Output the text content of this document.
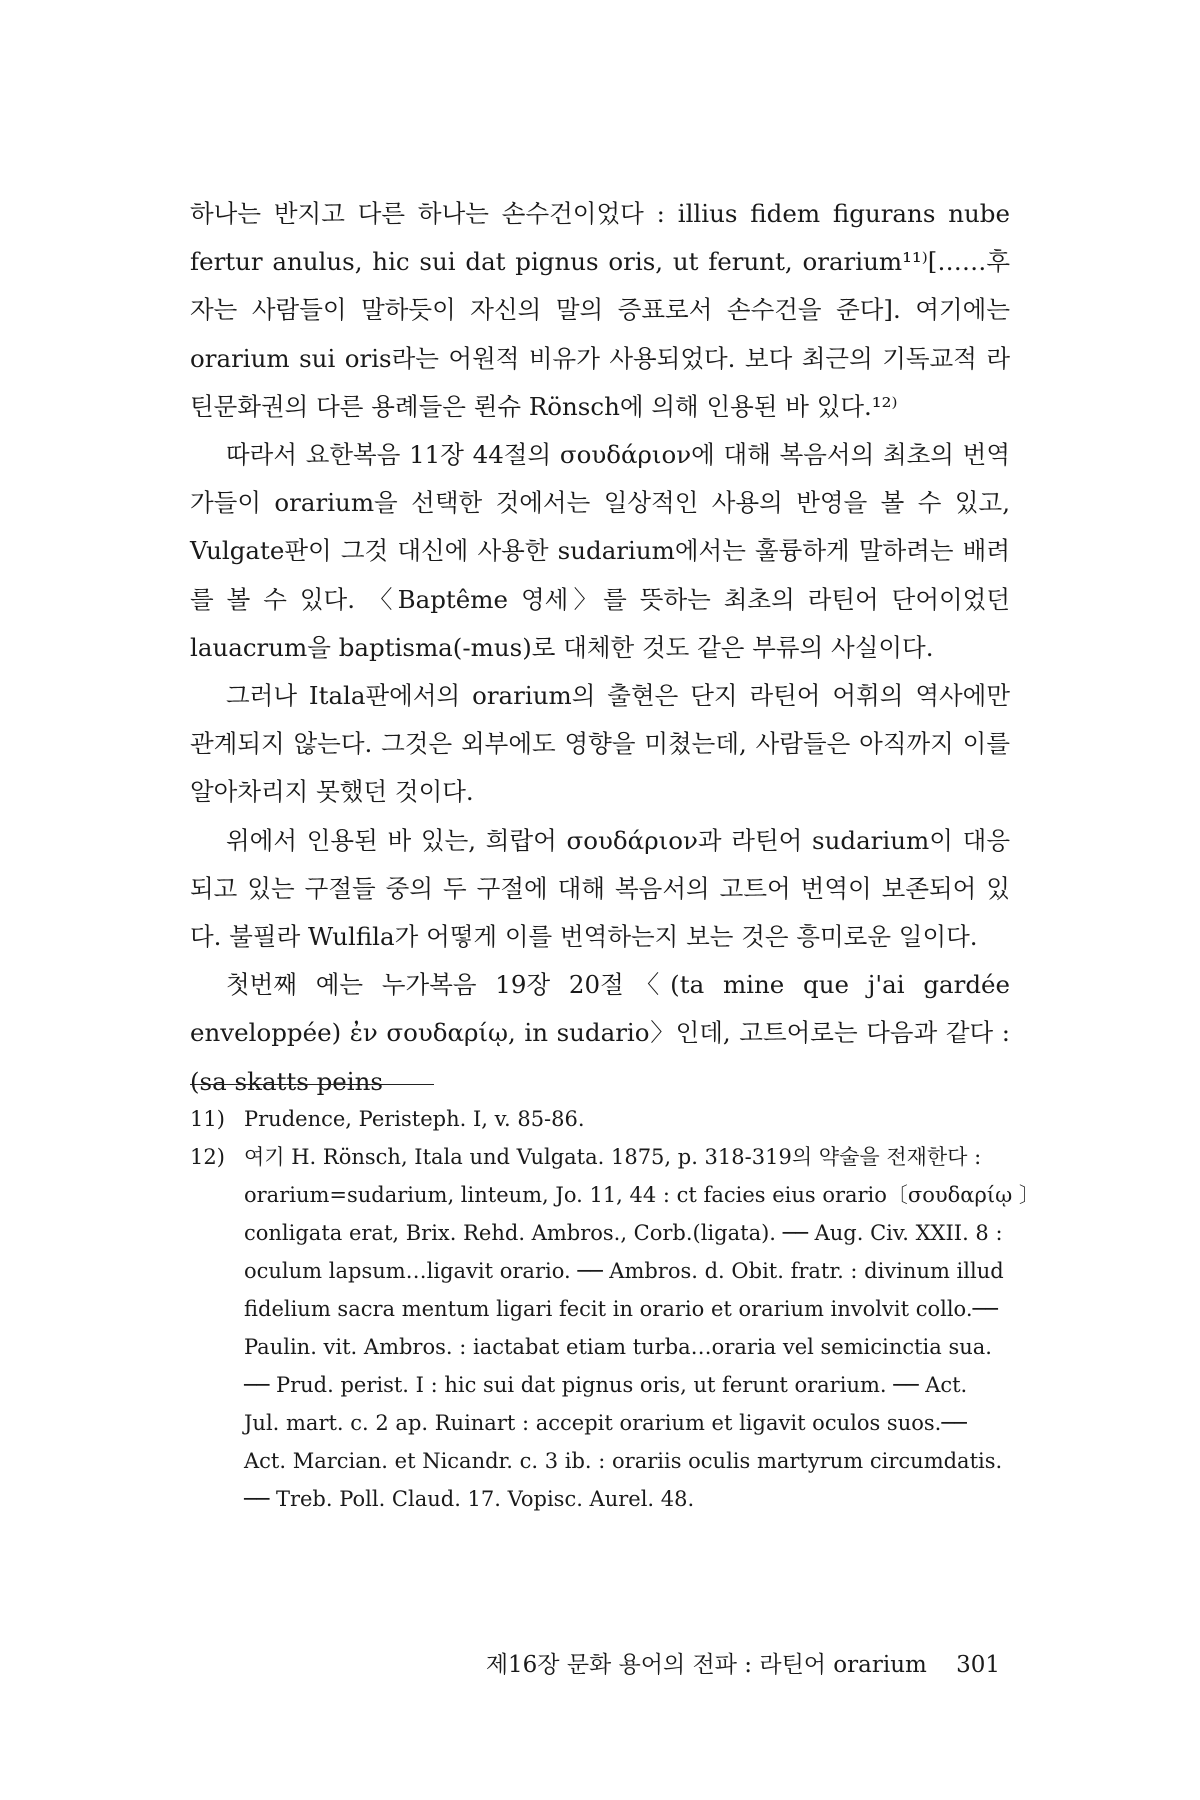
하나는 반지고 다른 하나는 손수건이었다 : illius fidem figurans nube fertur anulus, hic sui dat pignus oris, ut ferunt, orarium¹¹⁾[……후자는 사람들이 말하듯이 자신의 말의 증표로서 손수건을 준다]. 여기에는 orarium sui oris라는 어원적 비유가 사용되었다. 보다 최근의 기독교적 라틴문화권의 다른 용례들은 뢴슈 Rönsch에 의해 인용된 바 있다.¹²⁾

따라서 요한복음 11장 44절의 σουδάριον에 대해 복음서의 최초의 번역가들이 orarium을 선택한 것에서는 일상적인 사용의 반영을 볼 수 있고, Vulgate판이 그것 대신에 사용한 sudarium에서는 훌륭하게 말하려는 배려를 볼 수 있다. 〈Baptême 영세〉를 뜻하는 최초의 라틴어 단어이었던 lauacrum을 baptisma(-mus)로 대체한 것도 같은 부류의 사실이다.

그러나 Itala판에서의 orarium의 출현은 단지 라틴어 어휘의 역사에만 관계되지 않는다. 그것은 외부에도 영향을 미쳤는데, 사람들은 아직까지 이를 알아차리지 못했던 것이다.

위에서 인용된 바 있는, 희랍어 σουδάριον과 라틴어 sudarium이 대응되고 있는 구절들 중의 두 구절에 대해 복음서의 고트어 번역이 보존되어 있다. 불필라 Wulfila가 어떻게 이를 번역하는지 보는 것은 흥미로운 일이다.

첫번째 예는 누가복음 19장 20절〈(ta mine que j'ai gardée enveloppée) ἐν σουδαρίῳ, in sudario〉인데, 고트어로는 다음과 같다 : (sa skatts peins

11) Prudence, Peristeph. I, v. 85-86.
12) 여기 H. Rönsch, Itala und Vulgata. 1875, p. 318-319의 약술을 전재한다 :
orarium=sudarium, linteum, Jo. 11, 44 : ct facies eius orario〔σουδαρίῳ 〕
conligata erat, Brix. Rehd. Ambros., Corb.(ligata). ── Aug. Civ. XXII. 8 :
oculum lapsum…ligavit orario. ── Ambros. d. Obit. fratr. : divinum illud
fidelium sacra mentum ligari fecit in orario et orarium involvit collo.──
Paulin. vit. Ambros. : iactabat etiam turba…oraria vel semicinctia sua.
── Prud. perist. I : hic sui dat pignus oris, ut ferunt orarium. ── Act.
Jul. mart. c. 2 ap. Ruinart : accepit orarium et ligavit oculos suos.──
Act. Marcian. et Nicandr. c. 3 ib. : orariis oculis martyrum circumdatis.
── Treb. Poll. Claud. 17. Vopisc. Aurel. 48.
제16장 문화 용어의 전파 : 라틴어 orarium 301
